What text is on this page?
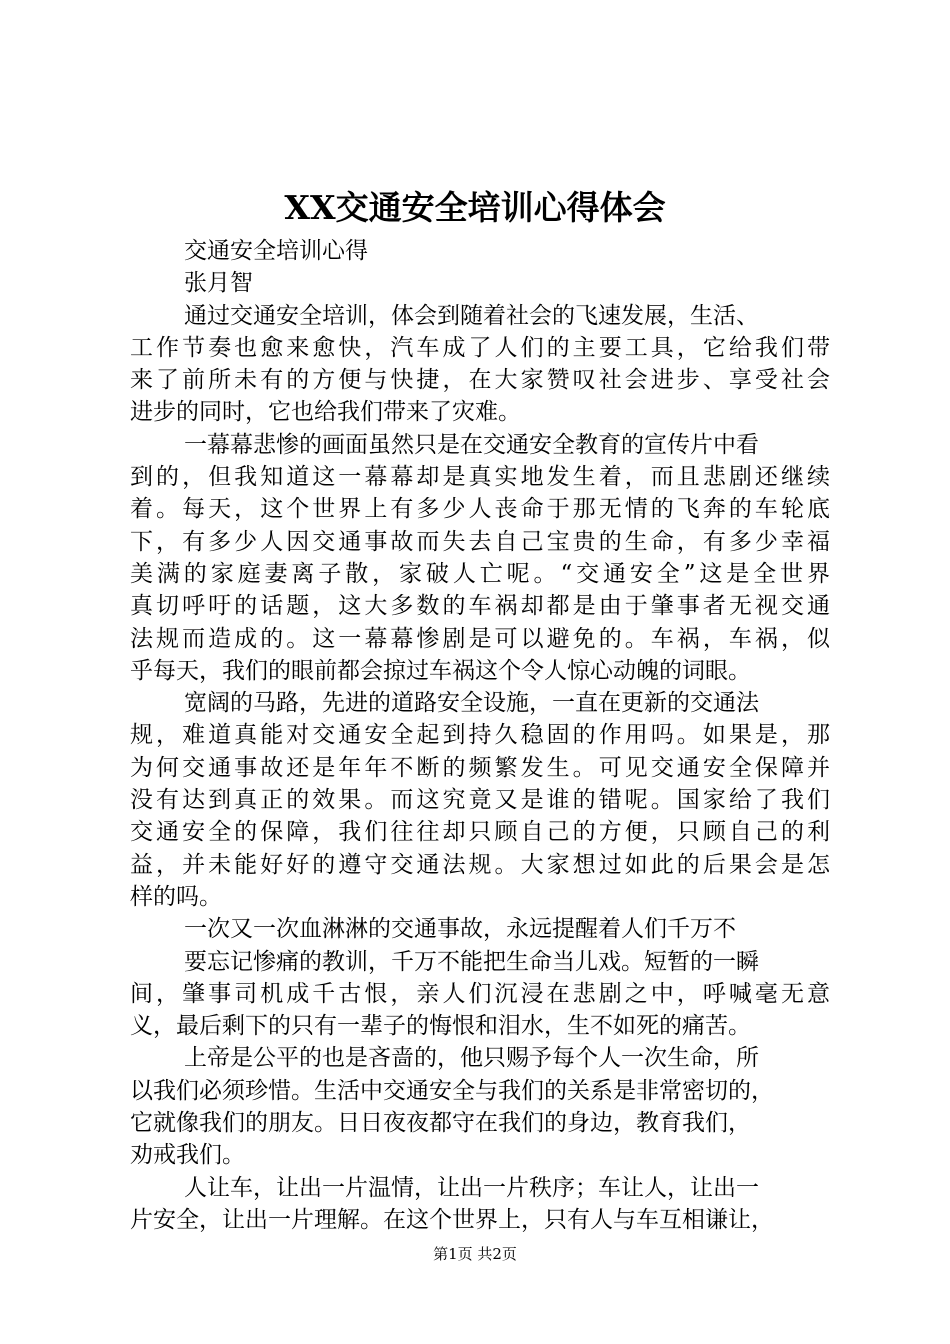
XX交通安全培训心得体会
交通安全培训心得
张月智
通过交通安全培训，体会到随着社会的飞速发展，生活、
工作节奏也愈来愈快，汽车成了人们的主要工具，它给我们带
来了前所未有的方便与快捷，在大家赞叹社会进步、享受社会
进步的同时，它也给我们带来了灾难。
一幕幕悲惨的画面虽然只是在交通安全教育的宣传片中看
到的，但我知道这一幕幕却是真实地发生着，而且悲剧还继续
着。每天，这个世界上有多少人丧命于那无情的飞奔的车轮底
下，有多少人因交通事故而失去自己宝贵的生命，有多少幸福
美满的家庭妻离子散，家破人亡呢。“交通安全”这是全世界
真切呼吁的话题，这大多数的车祸却都是由于肇事者无视交通
法规而造成的。这一幕幕惨剧是可以避免的。车祸，车祸，似
乎每天，我们的眼前都会掠过车祸这个令人惊心动魄的词眼。
宽阔的马路，先进的道路安全设施，一直在更新的交通法
规，难道真能对交通安全起到持久稳固的作用吗。如果是，那
为何交通事故还是年年不断的频繁发生。可见交通安全保障并
没有达到真正的效果。而这究竟又是谁的错呢。国家给了我们
交通安全的保障，我们往往却只顾自己的方便，只顾自己的利
益，并未能好好的遵守交通法规。大家想过如此的后果会是怎
样的吗。
一次又一次血淋淋的交通事故，永远提醒着人们千万不
要忘记惨痛的教训，千万不能把生命当儿戏。短暂的一瞬
间，肇事司机成千古恨，亲人们沉浸在悲剧之中，呼喊毫无意
义，最后剩下的只有一辈子的悔恨和泪水，生不如死的痛苦。
上帝是公平的也是吝啬的，他只赐予每个人一次生命，所
以我们必须珍惜。生活中交通安全与我们的关系是非常密切的，
它就像我们的朋友。日日夜夜都守在我们的身边，教育我们，
劝戒我们。
人让车，让出一片温情，让出一片秩序；车让人，让出一
片安全，让出一片理解。在这个世界上，只有人与车互相谦让，
第1页 共2页
